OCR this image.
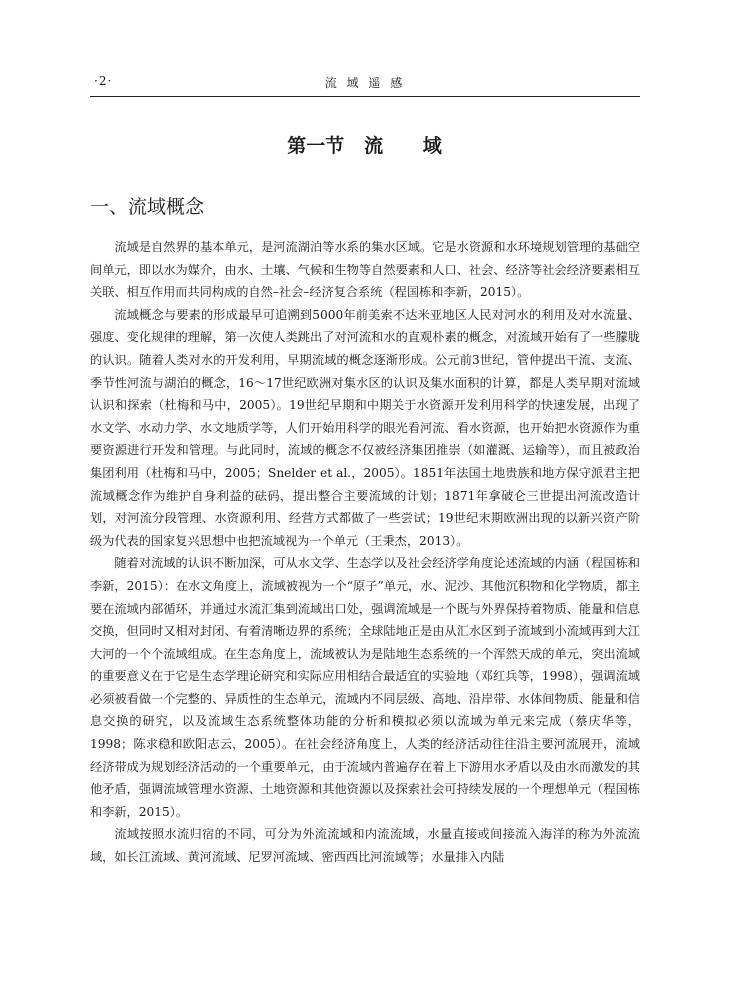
·2·	流 域 遥 感
第一节   流      域
一、流域概念

流域是自然界的基本单元，是河流湖泊等水系的集水区域。它是水资源和水环境规划管理的基础空间单元，即以水为媒介，由水、土壤、气候和生物等自然要素和人口、社会、经济等社会经济要素相互关联、相互作用而共同构成的自然–社会–经济复合系统（程国栋和李新，2015）。

流域概念与要素的形成最早可追溯到5000年前美索不达米亚地区人民对河水的利用及对水流量、强度、变化规律的理解，第一次使人类跳出了对河流和水的直观朴素的概念，对流域开始有了一些朦胧的认识。随着人类对水的开发利用，早期流域的概念逐渐形成。公元前3世纪，管仲提出干流、支流、季节性河流与湖泊的概念，16～17世纪欧洲对集水区的认识及集水面积的计算，都是人类早期对流域认识和探索（杜梅和马中，2005）。19世纪早期和中期关于水资源开发利用科学的快速发展，出现了水文学、水动力学、水文地质学等，人们开始用科学的眼光看河流、看水资源，也开始把水资源作为重要资源进行开发和管理。与此同时，流域的概念不仅被经济集团推崇（如灌溉、运输等），而且被政治集团利用（杜梅和马中，2005；Snelder et al.，2005）。1851年法国土地贵族和地方保守派君主把流域概念作为维护自身利益的砝码，提出整合主要流域的计划；1871年拿破仑三世提出河流改造计划，对河流分段管理、水资源利用、经营方式都做了一些尝试；19世纪末期欧洲出现的以新兴资产阶级为代表的国家复兴思想中也把流域视为一个单元（王秉杰，2013）。

随着对流域的认识不断加深，可从水文学、生态学以及社会经济学角度论述流域的内涵（程国栋和李新，2015）：在水文角度上，流域被视为一个“原子”单元，水、泥沙、其他沉积物和化学物质，都主要在流域内部循环，并通过水流汇集到流域出口处，强调流域是一个既与外界保持着物质、能量和信息交换，但同时又相对封闭、有着清晰边界的系统；全球陆地正是由从汇水区到子流域到小流域再到大江大河的一个个流域组成。在生态角度上，流域被认为是陆地生态系统的一个浑然天成的单元，突出流域的重要意义在于它是生态学理论研究和实际应用相结合最适宜的实验地（邓红兵等，1998），强调流域必须被看做一个完整的、异质性的生态单元，流域内不同层级、高地、沿岸带、水体间物质、能量和信息交换的研究，以及流域生态系统整体功能的分析和模拟必须以流域为单元来完成（蔡庆华等，1998；陈求稳和欧阳志云，2005）。在社会经济角度上，人类的经济活动往往沿主要河流展开，流域经济带成为规划经济活动的一个重要单元，由于流域内普遍存在着上下游用水矛盾以及由水而激发的其他矛盾，强调流域管理水资源、土地资源和其他资源以及探索社会可持续发展的一个理想单元（程国栋和李新，2015）。

流域按照水流归宿的不同，可分为外流流域和内流流域，水量直接或间接流入海洋的称为外流流域，如长江流域、黄河流域、尼罗河流域、密西西比河流域等；水量排入内陆
